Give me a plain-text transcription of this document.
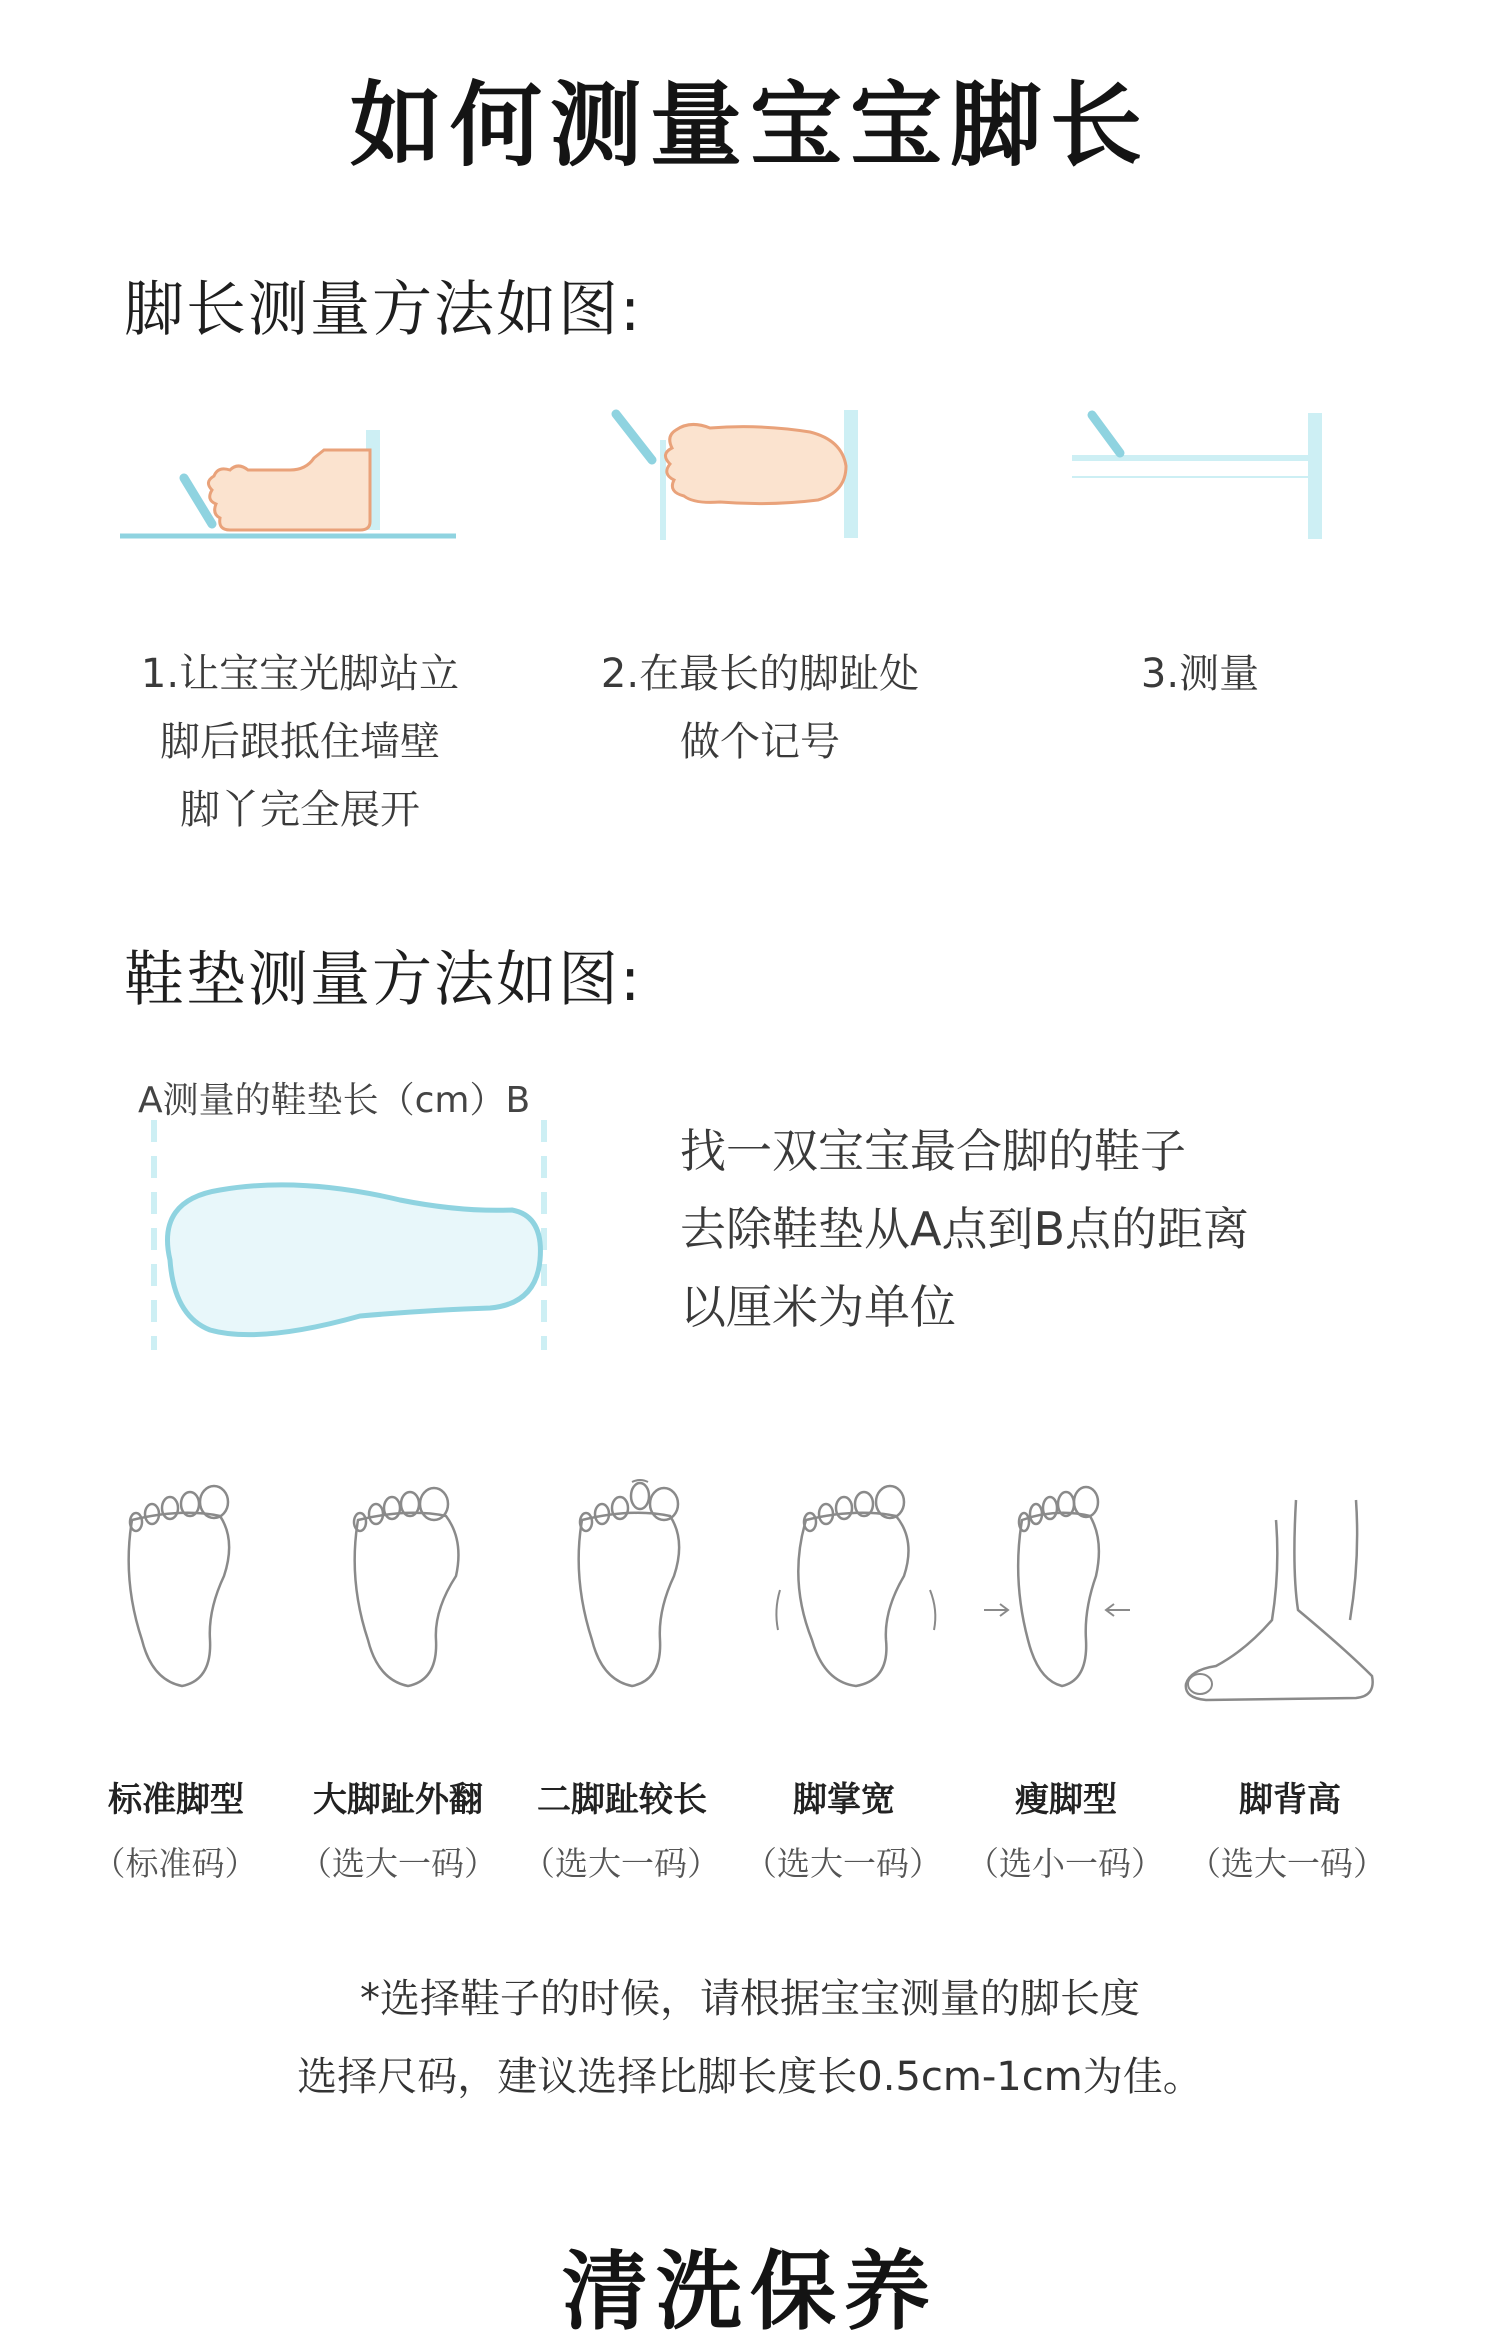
如何测量宝宝脚长
脚长测量方法如图:
1.让宝宝光脚站立
脚后跟抵住墙壁
脚丫完全展开
2.在最长的脚趾处
做个记号
3.测量
鞋垫测量方法如图:
A测量的鞋垫长（cm）B
找一双宝宝最合脚的鞋子
去除鞋垫从A点到B点的距离
以厘米为单位
标准脚型
（标准码）
大脚趾外翻
（选大一码）
二脚趾较长
（选大一码）
脚掌宽
（选大一码）
瘦脚型
（选小一码）
脚背高
（选大一码）
*选择鞋子的时候，请根据宝宝测量的脚长度
选择尺码，建议选择比脚长度长0.5cm-1cm为佳。
清洗保养
